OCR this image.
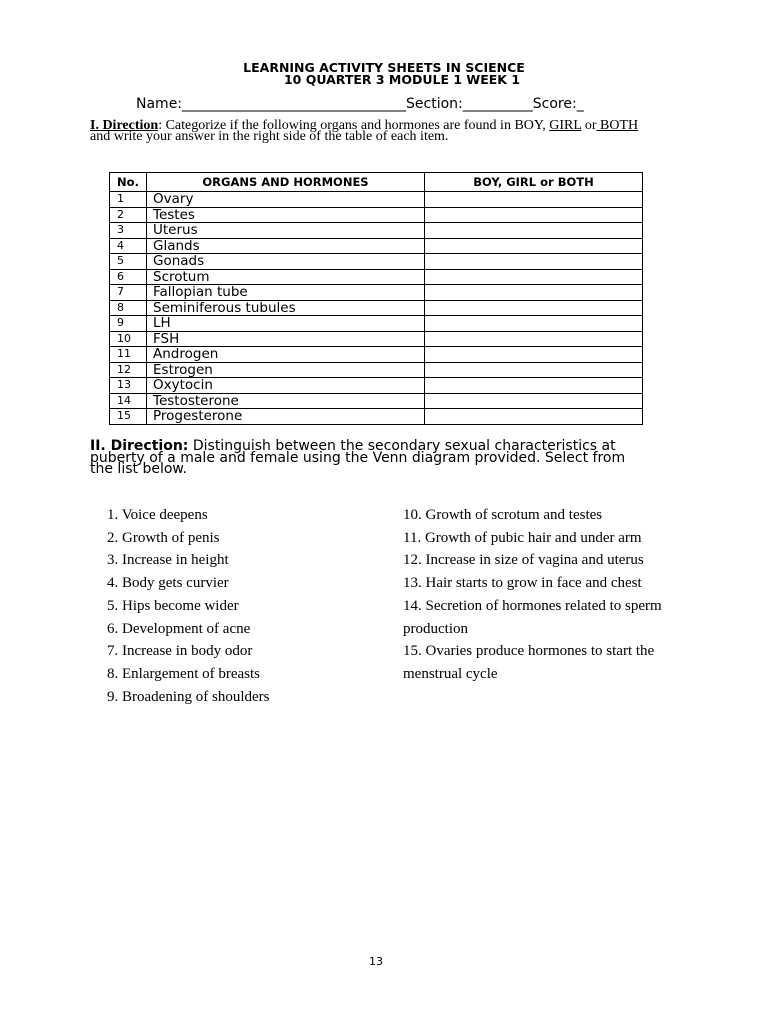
LEARNING ACTIVITY SHEETS IN SCIENCE
10 QUARTER 3 MODULE 1 WEEK 1
Name:________________________________Section:__________Score:_
I. Direction: Categorize if the following organs and hormones are found in BOY, GIRL or BOTH and write your answer in the right side of the table of each item.
No.	ORGANS AND HORMONES	BOY, GIRL or BOTH
1	Ovary	
2	Testes	
3	Uterus	
4	Glands	
5	Gonads	
6	Scrotum	
7	Fallopian tube	
8	Seminiferous tubules	
9	LH	
10	FSH	
11	Androgen	
12	Estrogen	
13	Oxytocin	
14	Testosterone	
15	Progesterone	
II. Direction: Distinguish between the secondary sexual characteristics at puberty of a male and female using the Venn diagram provided. Select from the list below.
1. Voice deepens
2. Growth of penis
3. Increase in height
4. Body gets curvier
5. Hips become wider
6. Development of acne
7. Increase in body odor
8. Enlargement of breasts
9. Broadening of shoulders
10. Growth of scrotum and testes
11. Growth of pubic hair and under arm
12. Increase in size of vagina and uterus
13. Hair starts to grow in face and chest
14. Secretion of hormones related to sperm
production
15. Ovaries produce hormones to start the
menstrual cycle
13
